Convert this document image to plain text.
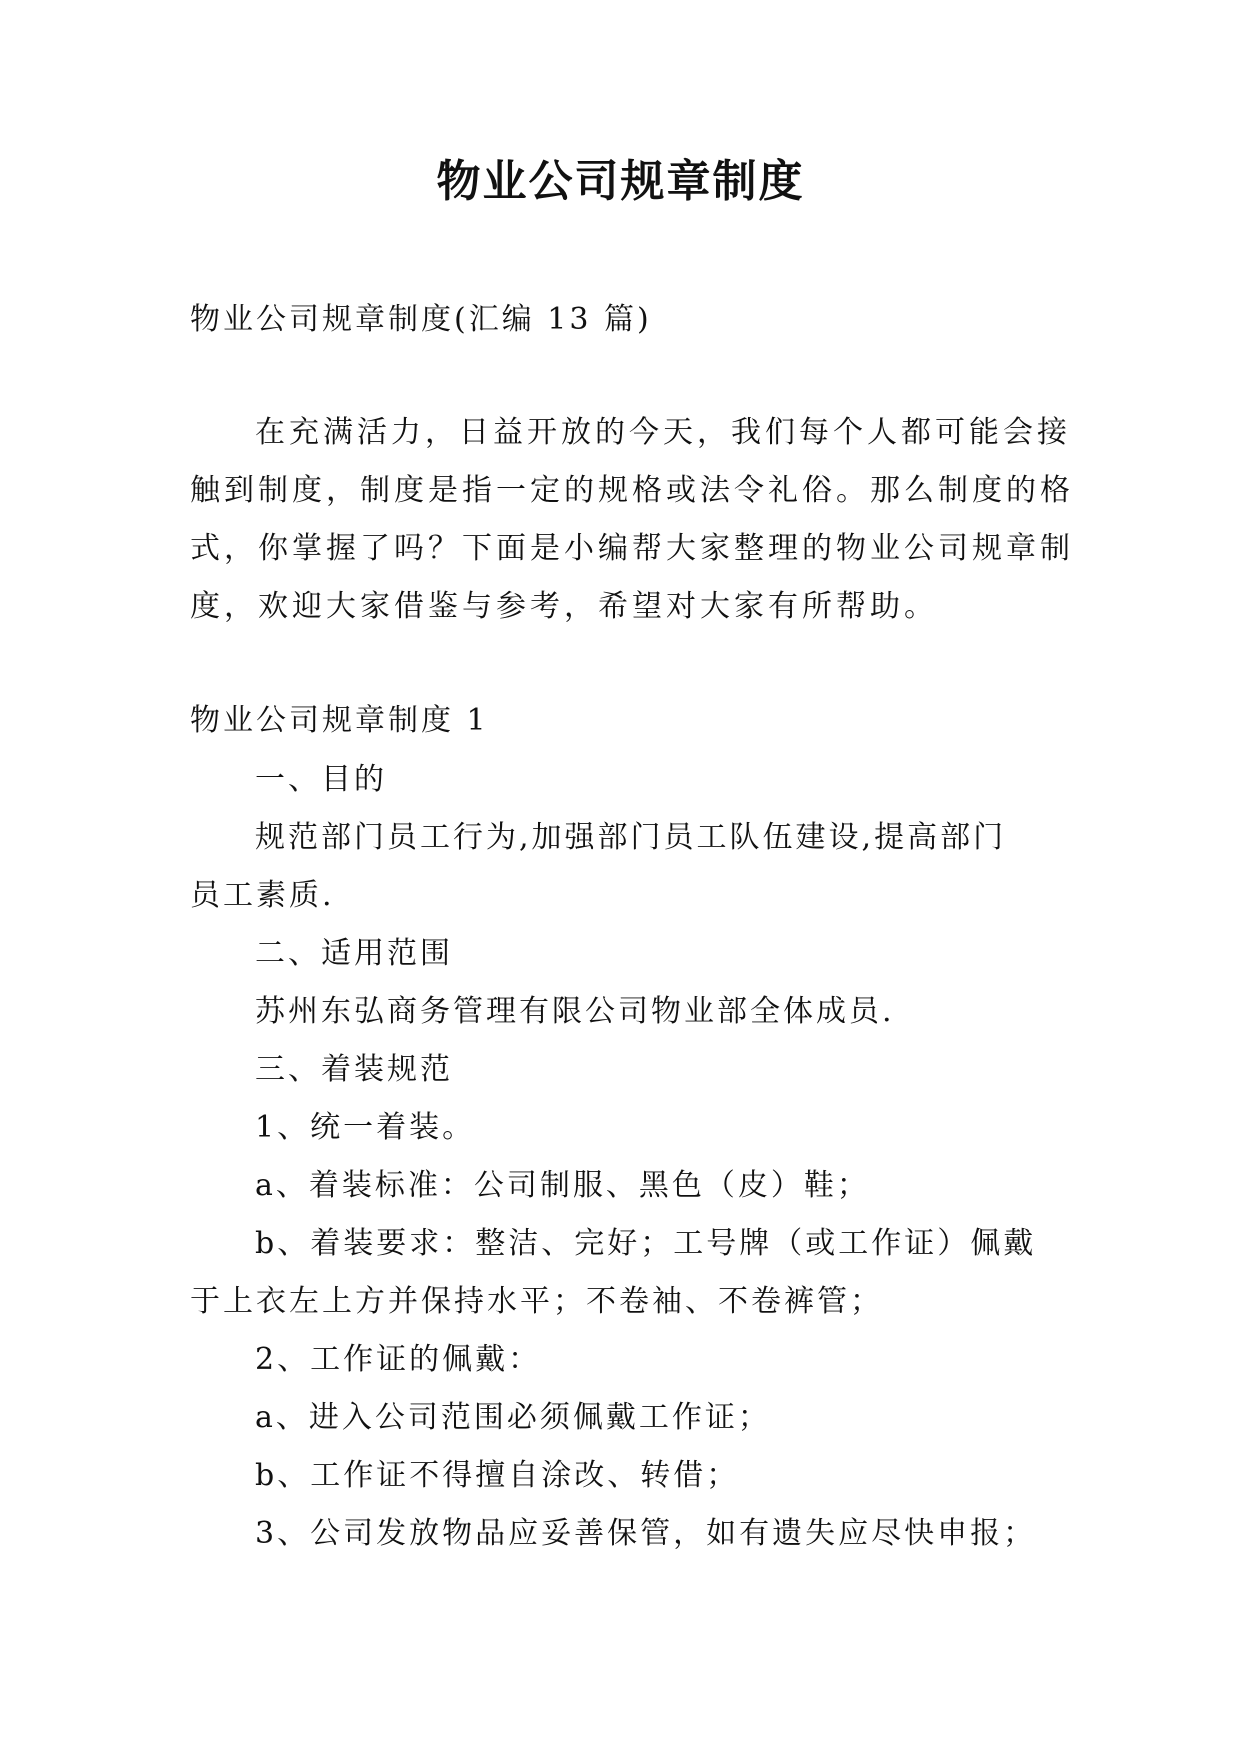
物业公司规章制度

物业公司规章制度(汇编 13 篇)

在充满活力，日益开放的今天，我们每个人都可能会接

触到制度，制度是指一定的规格或法令礼俗。那么制度的格

式，你掌握了吗？下面是小编帮大家整理的物业公司规章制

度，欢迎大家借鉴与参考，希望对大家有所帮助。

物业公司规章制度 1

一、目的

规范部门员工行为,加强部门员工队伍建设,提高部门

员工素质.

二、适用范围

苏州东弘商务管理有限公司物业部全体成员.

三、着装规范

1、统一着装。

a、着装标准：公司制服、黑色（皮）鞋；

b、着装要求：整洁、完好；工号牌（或工作证）佩戴

于上衣左上方并保持水平；不卷袖、不卷裤管；

2、工作证的佩戴：

a、进入公司范围必须佩戴工作证；

b、工作证不得擅自涂改、转借；

3、公司发放物品应妥善保管，如有遗失应尽快申报；
